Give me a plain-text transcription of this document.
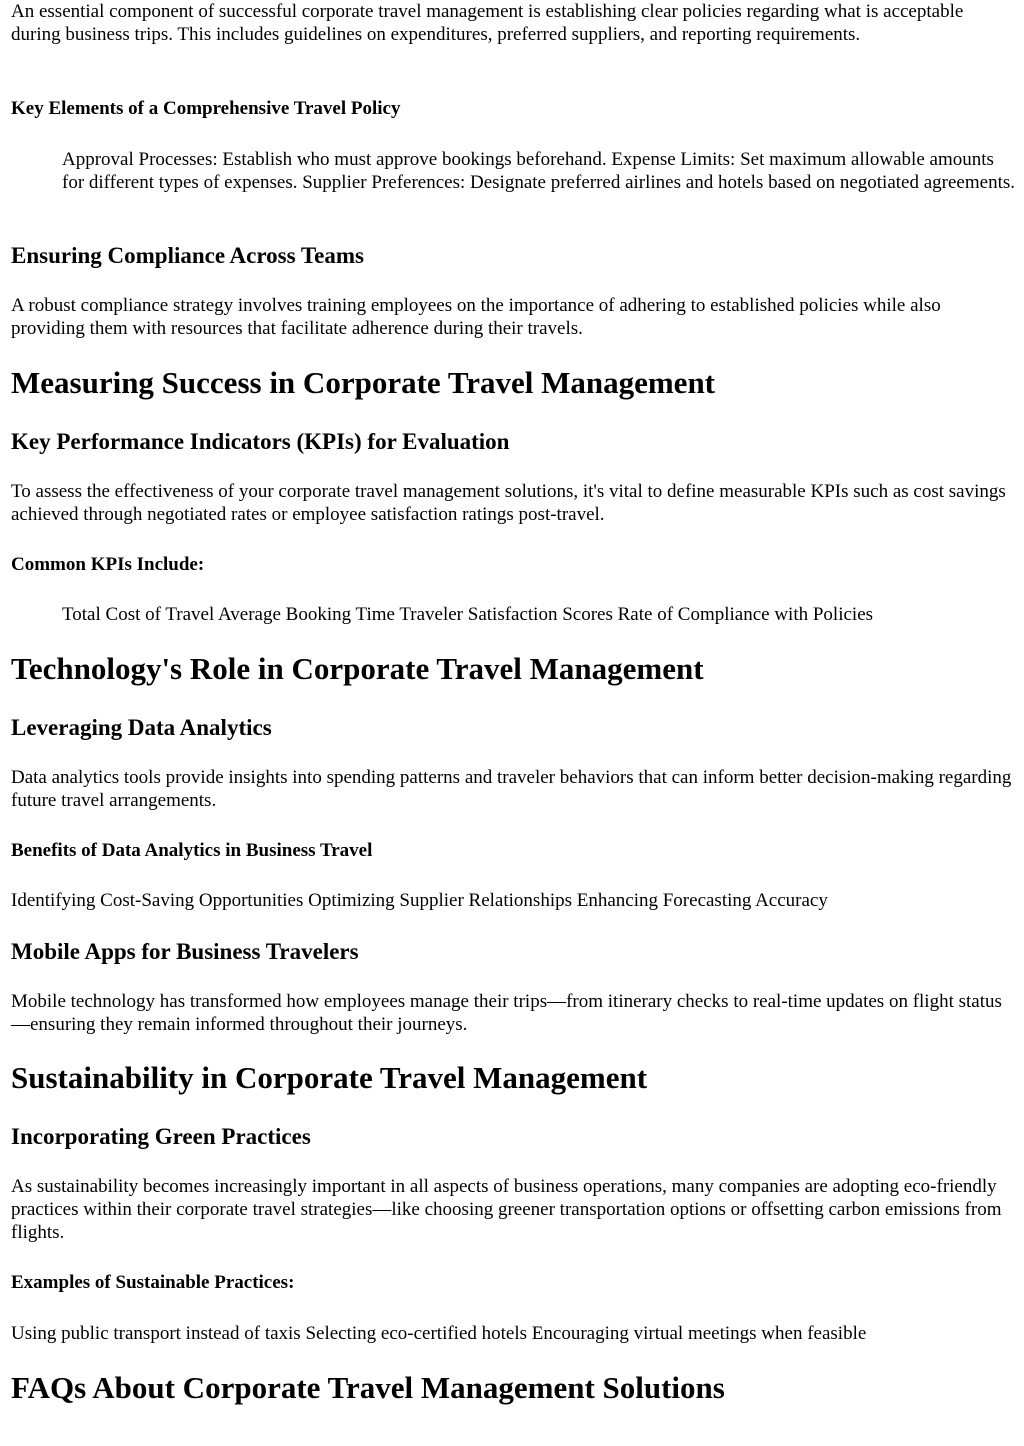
An essential component of successful corporate travel management is establishing clear policies regarding what is acceptable during business trips. This includes guidelines on expenditures, preferred suppliers, and reporting requirements.

Key Elements of a Comprehensive Travel Policy
Approval Processes: Establish who must approve bookings beforehand. Expense Limits: Set maximum allowable amounts for different types of expenses. Supplier Preferences: Designate preferred airlines and hotels based on negotiated agreements.
Ensuring Compliance Across Teams

A robust compliance strategy involves training employees on the importance of adhering to established policies while also providing them with resources that facilitate adherence during their travels.

Measuring Success in Corporate Travel Management
Key Performance Indicators (KPIs) for Evaluation

To assess the effectiveness of your corporate travel management solutions, it's vital to define measurable KPIs such as cost savings achieved through negotiated rates or employee satisfaction ratings post-travel.

Common KPIs Include:
Total Cost of Travel Average Booking Time Traveler Satisfaction Scores Rate of Compliance with Policies
Technology's Role in Corporate Travel Management
Leveraging Data Analytics

Data analytics tools provide insights into spending patterns and traveler behaviors that can inform better decision-making regarding future travel arrangements.

Benefits of Data Analytics in Business Travel

Identifying Cost-Saving Opportunities Optimizing Supplier Relationships Enhancing Forecasting Accuracy

Mobile Apps for Business Travelers

Mobile technology has transformed how employees manage their trips—from itinerary checks to real-time updates on flight status—ensuring they remain informed throughout their journeys.

Sustainability in Corporate Travel Management
Incorporating Green Practices

As sustainability becomes increasingly important in all aspects of business operations, many companies are adopting eco-friendly practices within their corporate travel strategies—like choosing greener transportation options or offsetting carbon emissions from flights.

Examples of Sustainable Practices:

Using public transport instead of taxis Selecting eco-certified hotels Encouraging virtual meetings when feasible

FAQs About Corporate Travel Management Solutions
